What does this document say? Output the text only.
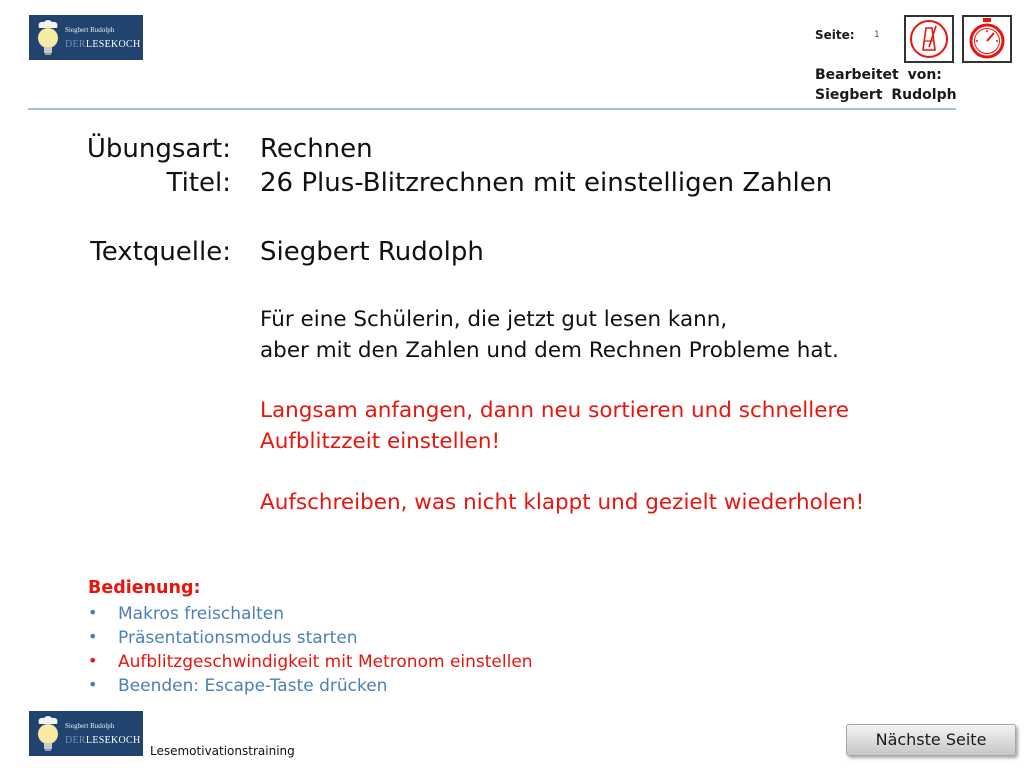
Siegbert Rudolph
DERLESEKOCH
Seite: 1
Bearbeitet von:
Siegbert Rudolph
Übungsart: Rechnen
Titel: 26 Plus-Blitzrechnen mit einstelligen Zahlen
Textquelle: Siegbert Rudolph
Für eine Schülerin, die jetzt gut lesen kann,
aber mit den Zahlen und dem Rechnen Probleme hat.
Langsam anfangen, dann neu sortieren und schnellere
Aufblitzzeit einstellen!
Aufschreiben, was nicht klappt und gezielt wiederholen!
Bedienung:
• Makros freischalten
• Präsentationsmodus starten
• Aufblitzgeschwindigkeit mit Metronom einstellen
• Beenden: Escape-Taste drücken
Siegbert Rudolph
DERLESEKOCH
Lesemotivationstraining
Nächste Seite
